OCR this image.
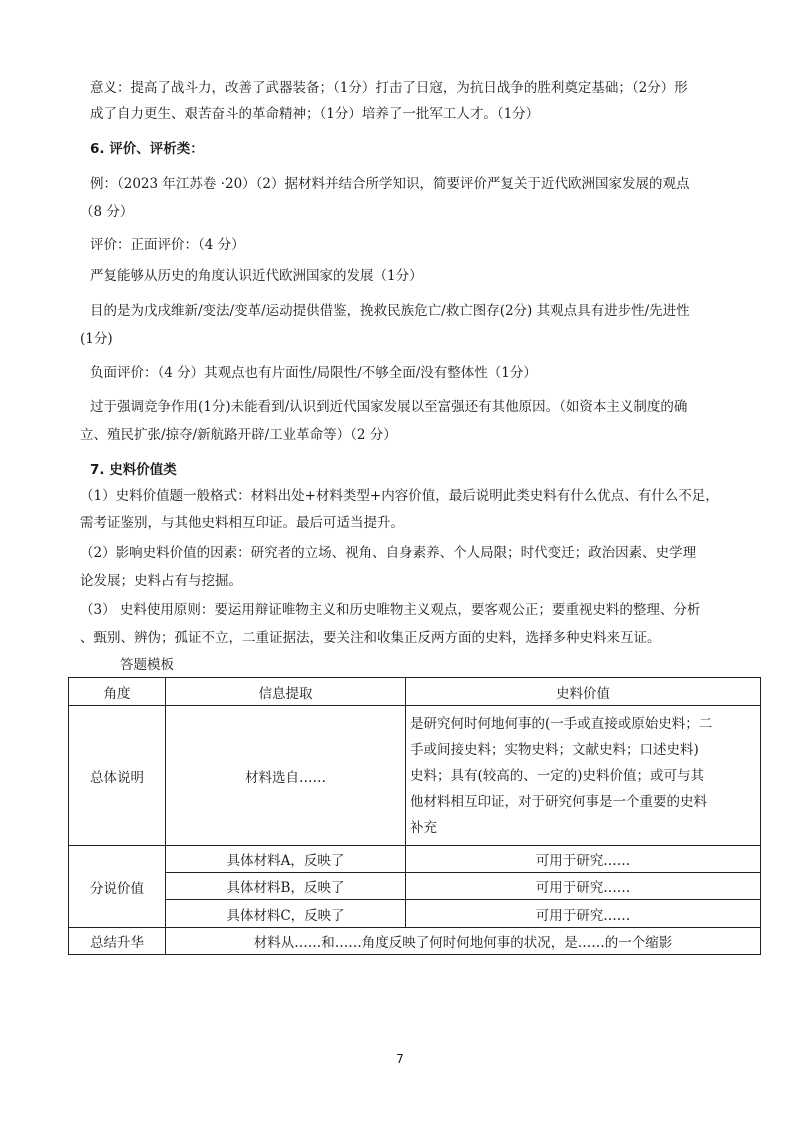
意义：提高了战斗力，改善了武器装备；（1分）打击了日寇，为抗日战争的胜利奠定基础；（2分）形
成了自力更生、艰苦奋斗的革命精神；（1分）培养了一批军工人才。（1分）
6. 评价、评析类：
例：（2023 年江苏卷 ·20）（2）据材料并结合所学知识，简要评价严复关于近代欧洲国家发展的观点
（8 分）
评价：正面评价：（4 分）
严复能够从历史的角度认识近代欧洲国家的发展（1分）
目的是为戊戌维新/变法/变革/运动提供借鉴，挽救民族危亡/救亡图存(2分) 其观点具有进步性/先进性
(1分)
负面评价：（4 分）其观点也有片面性/局限性/不够全面/没有整体性（1分）
过于强调竞争作用(1分)未能看到/认识到近代国家发展以至富强还有其他原因。（如资本主义制度的确
立、殖民扩张/掠夺/新航路开辟/工业革命等）（2 分）
7. 史料价值类
（1）史料价值题一般格式：材料出处+材料类型+内容价值，最后说明此类史料有什么优点、有什么不足，
需考证鉴别，与其他史料相互印证。最后可适当提升。
（2）影响史料价值的因素：研究者的立场、视角、自身素养、个人局限；时代变迁；政治因素、史学理
论发展；史料占有与挖掘。
（3） 史料使用原则：要运用辩证唯物主义和历史唯物主义观点，要客观公正；要重视史料的整理、分析
、甄别、辨伪；孤证不立，二重证据法，要关注和收集正反两方面的史料，选择多种史料来互证。
答题模板
角度	信息提取	史料价值
总体说明	材料选自……	是研究何时何地何事的(一手或直接或原始史料；二
手或间接史料；实物史料；文献史料；口述史料)
史料；具有(较高的、一定的)史料价值；或可与其
他材料相互印证，对于研究何事是一个重要的史料
补充

分说价值	具体材料A，反映了	可用于研究……
	具体材料B，反映了	可用于研究……
	具体材料C，反映了	可用于研究……
总结升华	材料从……和……角度反映了何时何地何事的状况，是……的一个缩影	
7
